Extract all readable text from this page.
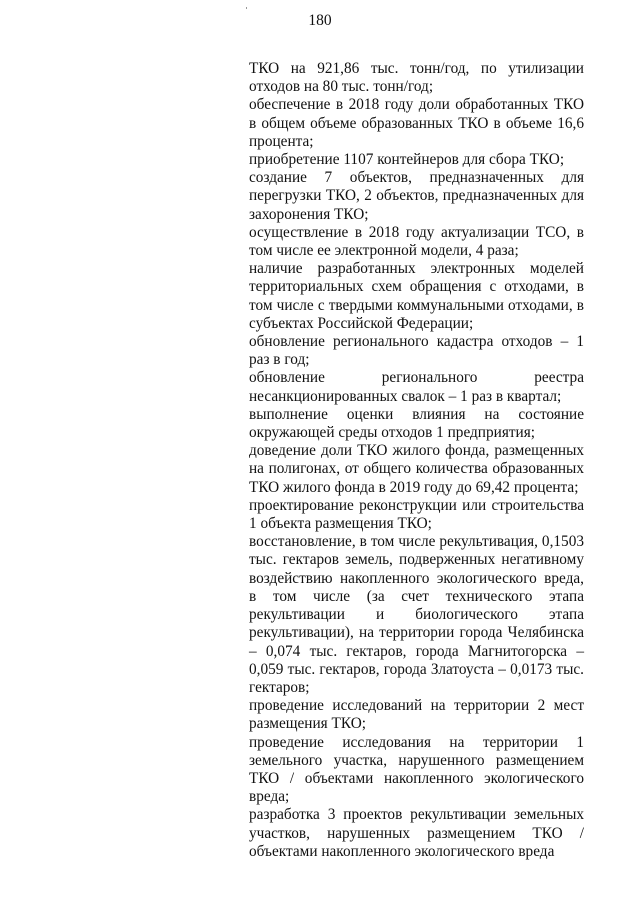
180

ТКО на 921,86 тыс. тонн/год, по утилизации отходов на 80 тыс. тонн/год;

обеспечение в 2018 году доли обработанных ТКО в общем объеме образованных ТКО в объеме 16,6 процента;

приобретение 1107 контейнеров для сбора ТКО;

создание 7 объектов, предназначенных для перегрузки ТКО, 2 объектов, предназначенных для захоронения ТКО;

осуществление в 2018 году актуализации ТСО, в том числе ее электронной модели, 4 раза;

наличие разработанных электронных моделей территориальных схем обращения с отходами, в том числе с твердыми коммунальными отходами, в субъектах Российской Федерации;

обновление регионального кадастра отходов – 1 раз в год;

обновление регионального реестра несанкционированных свалок – 1 раз в квартал;

выполнение оценки влияния на состояние окружающей среды отходов 1 предприятия;

доведение доли ТКО жилого фонда, размещенных на полигонах, от общего количества образованных ТКО жилого фонда в 2019 году до 69,42 процента;

проектирование реконструкции или строительства 1 объекта размещения ТКО;

восстановление, в том числе рекультивация, 0,1503 тыс. гектаров земель, подверженных негативному воздействию накопленного экологического вреда, в том числе (за счет технического этапа рекультивации и биологического этапа рекультивации), на территории города Челябинска – 0,074 тыс. гектаров, города Магнитогорска – 0,059 тыс. гектаров, города Златоуста – 0,0173 тыс. гектаров;

проведение исследований на территории 2 мест размещения ТКО;

проведение исследования на территории 1 земельного участка, нарушенного размещением ТКО / объектами накопленного экологического вреда;

разработка 3 проектов рекультивации земельных участков, нарушенных размещением ТКО / объектами накопленного экологического вреда
